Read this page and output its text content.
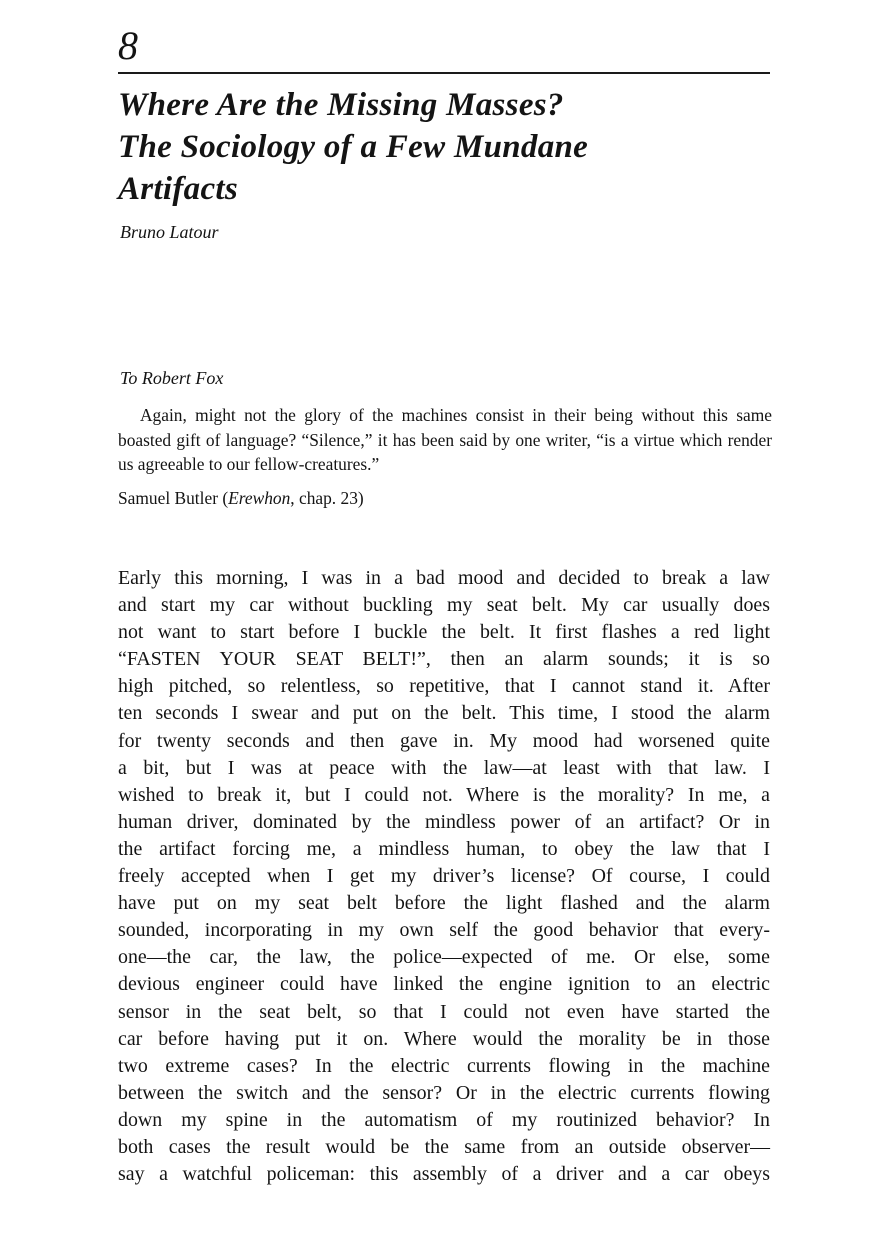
8
Where Are the Missing Masses?
The Sociology of a Few Mundane
Artifacts

Bruno Latour

To Robert Fox

Again, might not the glory of the machines consist in their being without this same boasted gift of language? “Silence,” it has been said by one writer, “is a virtue which render us agreeable to our fellow-creatures.”

Samuel Butler (Erewhon, chap. 23)

Early this morning, I was in a bad mood and decided to break a law
and start my car without buckling my seat belt. My car usually does
not want to start before I buckle the belt. It first flashes a red light
“FASTEN YOUR SEAT BELT!”, then an alarm sounds; it is so
high pitched, so relentless, so repetitive, that I cannot stand it. After
ten seconds I swear and put on the belt. This time, I stood the alarm
for twenty seconds and then gave in. My mood had worsened quite
a bit, but I was at peace with the law—at least with that law. I
wished to break it, but I could not. Where is the morality? In me, a
human driver, dominated by the mindless power of an artifact? Or in
the artifact forcing me, a mindless human, to obey the law that I
freely accepted when I get my driver’s license? Of course, I could
have put on my seat belt before the light flashed and the alarm
sounded, incorporating in my own self the good behavior that every-
one—the car, the law, the police—expected of me. Or else, some
devious engineer could have linked the engine ignition to an electric
sensor in the seat belt, so that I could not even have started the
car before having put it on. Where would the morality be in those
two extreme cases? In the electric currents flowing in the machine
between the switch and the sensor? Or in the electric currents flowing
down my spine in the automatism of my routinized behavior? In
both cases the result would be the same from an outside observer—
say a watchful policeman: this assembly of a driver and a car obeys
